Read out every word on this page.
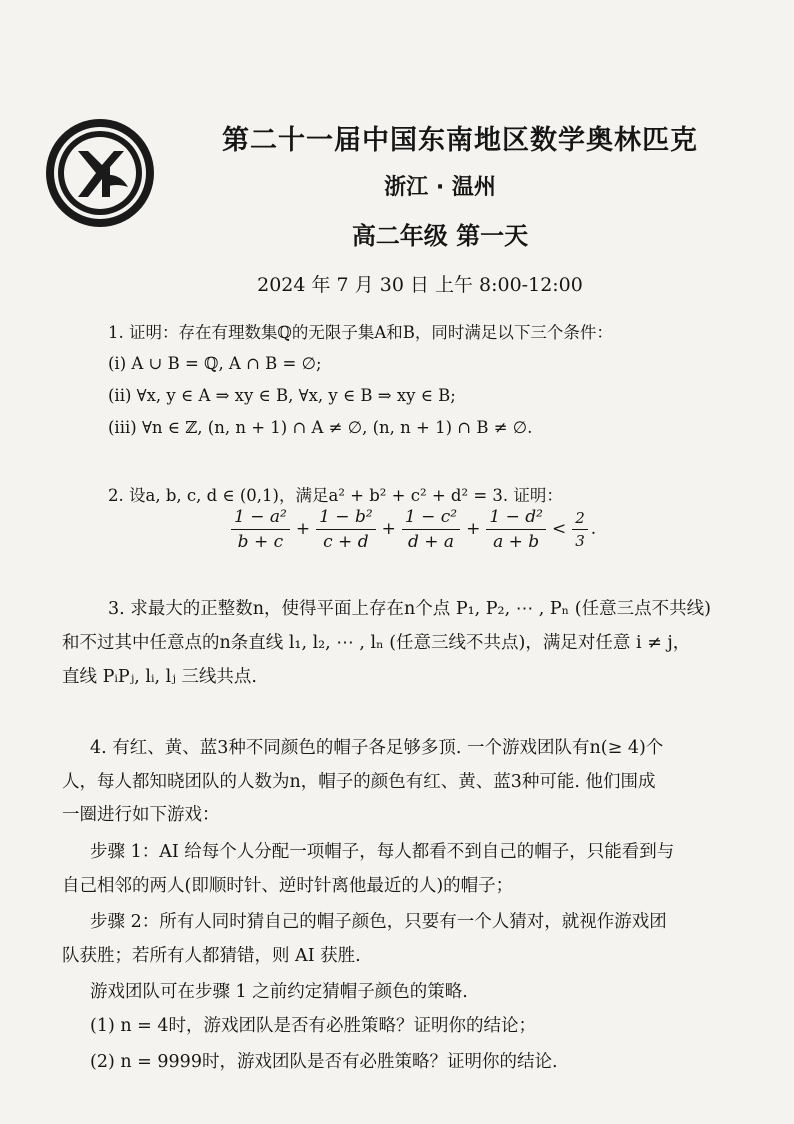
第二十一届中国东南地区数学奥林匹克
浙江 · 温州
高二年级 第一天
2024 年 7 月 30 日 上午 8:00-12:00
1. 证明：存在有理数集ℚ的无限子集A和B，同时满足以下三个条件：
(i) A ∪ B = ℚ, A ∩ B = ∅;
(ii) ∀x, y ∈ A ⇒ xy ∈ B, ∀x, y ∈ B ⇒ xy ∈ B;
(iii) ∀n ∈ ℤ, (n, n + 1) ∩ A ≠ ∅, (n, n + 1) ∩ B ≠ ∅.
2. 设a, b, c, d ∈ (0,1)，满足a² + b² + c² + d² = 3. 证明：
$\frac{\text{1 − a²}}{b + c} + \frac{\text{1 − b²}}{c + d} + \frac{\text{1 − c²}}{d + a} + \frac{\text{1 − d²}}{a + b} < \frac{2}{3}$ .
3. 求最大的正整数n，使得平面上存在n个点 P₁, P₂, ⋯ , Pₙ (任意三点不共线)
和不过其中任意点的n条直线 l₁, l₂, ⋯ , lₙ (任意三线不共点)，满足对任意 i ≠ j，
直线 PᵢPⱼ, lᵢ, lⱼ 三线共点.
4. 有红、黄、蓝3种不同颜色的帽子各足够多顶. 一个游戏团队有n(≥ 4)个
人，每人都知晓团队的人数为n，帽子的颜色有红、黄、蓝3种可能. 他们围成
一圈进行如下游戏：
步骤 1：AI 给每个人分配一项帽子，每人都看不到自己的帽子，只能看到与
自己相邻的两人(即顺时针、逆时针离他最近的人)的帽子；
步骤 2：所有人同时猜自己的帽子颜色，只要有一个人猜对，就视作游戏团
队获胜；若所有人都猜错，则 AI 获胜.
游戏团队可在步骤 1 之前约定猜帽子颜色的策略.
(1) n = 4时，游戏团队是否有必胜策略？证明你的结论；
(2) n = 9999时，游戏团队是否有必胜策略？证明你的结论.
